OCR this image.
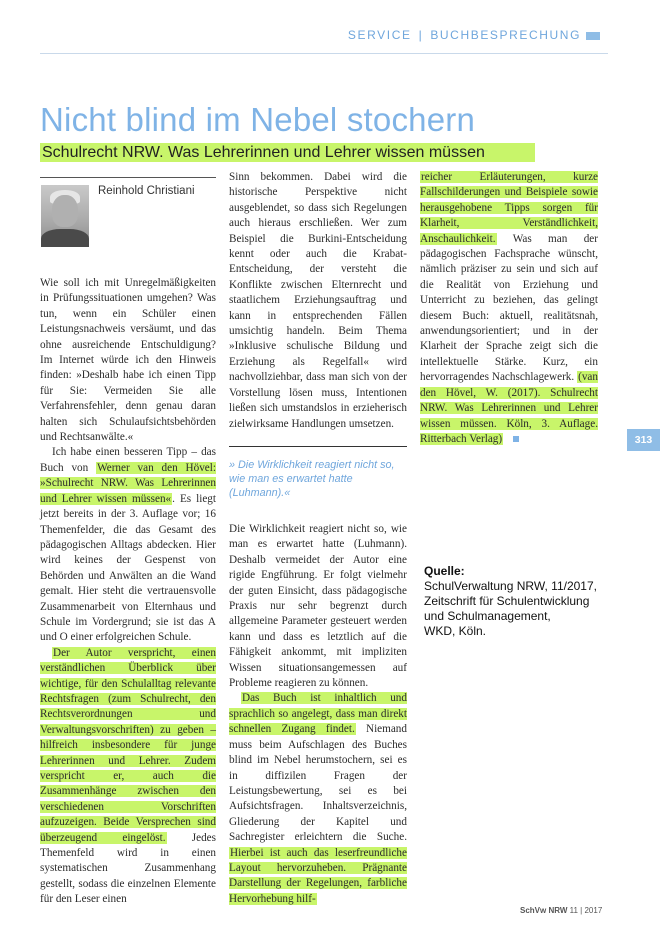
SERVICE | BUCHBESPRECHUNG
Nicht blind im Nebel stochern
Schulrecht NRW. Was Lehrerinnen und Lehrer wissen müssen
Reinhold Christiani

Wie soll ich mit Unregelmäßigkeiten in Prüfungssituationen umgehen? Was tun, wenn ein Schüler einen Leistungsnachweis versäumt, und das ohne ausreichende Entschuldigung? Im Internet würde ich den Hinweis finden: »Deshalb habe ich einen Tipp für Sie: Vermeiden Sie alle Verfahrensfehler, denn genau daran halten sich Schulaufsichtsbehörden und Rechtsanwälte.«

Ich habe einen besseren Tipp – das Buch von Werner van den Hövel: »Schulrecht NRW. Was Lehrerinnen und Lehrer wissen müssen«. Es liegt jetzt bereits in der 3. Auflage vor; 16 Themenfelder, die das Gesamt des pädagogischen Alltags abdecken. Hier wird keines der Gespenst von Behörden und Anwälten an die Wand gemalt. Hier steht die vertrauensvolle Zusammenarbeit von Elternhaus und Schule im Vordergrund; sie ist das A und O einer erfolgreichen Schule.

Der Autor verspricht, einen verständlichen Überblick über wichtige, für den Schulalltag relevante Rechtsfragen (zum Schulrecht, den Rechtsverordnungen und Verwaltungsvorschriften) zu geben – hilfreich insbesondere für junge Lehrerinnen und Lehrer. Zudem verspricht er, auch die Zusammenhänge zwischen den verschiedenen Vorschriften aufzuzeigen. Beide Versprechen sind überzeugend eingelöst. Jedes Themenfeld wird in einen systematischen Zusammenhang gestellt, sodass die einzelnen Elemente für den Leser einen

Sinn bekommen. Dabei wird die historische Perspektive nicht ausgeblendet, so dass sich Regelungen auch hieraus erschließen. Wer zum Beispiel die Burkini-Entscheidung kennt oder auch die Krabat-Entscheidung, der versteht die Konflikte zwischen Elternrecht und staatlichem Erziehungsauftrag und kann in entsprechenden Fällen umsichtig handeln. Beim Thema »Inklusive schulische Bildung und Erziehung als Regelfall« wird nachvollziehbar, dass man sich von der Vorstellung lösen muss, Intentionen ließen sich umstandslos in erzieherisch zielwirksame Handlungen umsetzen.

» Die Wirklichkeit reagiert nicht so, wie man es erwartet hatte (Luhmann).«

Die Wirklichkeit reagiert nicht so, wie man es erwartet hatte (Luhmann). Deshalb vermeidet der Autor eine rigide Engführung. Er folgt vielmehr der guten Einsicht, dass pädagogische Praxis nur sehr begrenzt durch allgemeine Parameter gesteuert werden kann und dass es letztlich auf die Fähigkeit ankommt, mit impliziten Wissen situationsangemessen auf Probleme reagieren zu können.

Das Buch ist inhaltlich und sprachlich so angelegt, dass man direkt schnellen Zugang findet. Niemand muss beim Aufschlagen des Buches blind im Nebel herumstochern, sei es in diffizilen Fragen der Leistungsbewertung, sei es bei Aufsichtsfragen. Inhaltsverzeichnis, Gliederung der Kapitel und Sachregister erleichtern die Suche. Hierbei ist auch das leserfreundliche Layout hervorzuheben. Prägnante Darstellung der Regelungen, farbliche Hervorhebung hilf-

reicher Erläuterungen, kurze Fallschilderungen und Beispiele sowie herausgehobene Tipps sorgen für Klarheit, Verständlichkeit, Anschaulichkeit. Was man der pädagogischen Fachsprache wünscht, nämlich präziser zu sein und sich auf die Realität von Erziehung und Unterricht zu beziehen, das gelingt diesem Buch: aktuell, realitätsnah, anwendungsorientiert; und in der Klarheit der Sprache zeigt sich die intellektuelle Stärke. Kurz, ein hervorragendes Nachschlagewerk. (van den Hövel, W. (2017). Schulrecht NRW. Was Lehrerinnen und Lehrer wissen müssen. Köln, 3. Auflage. Ritterbach Verlag)	313
Quelle:
SchulVerwaltung NRW, 11/2017,
Zeitschrift für Schulentwicklung
und Schulmanagement,
WKD, Köln.
SchVw NRW 11 | 2017
